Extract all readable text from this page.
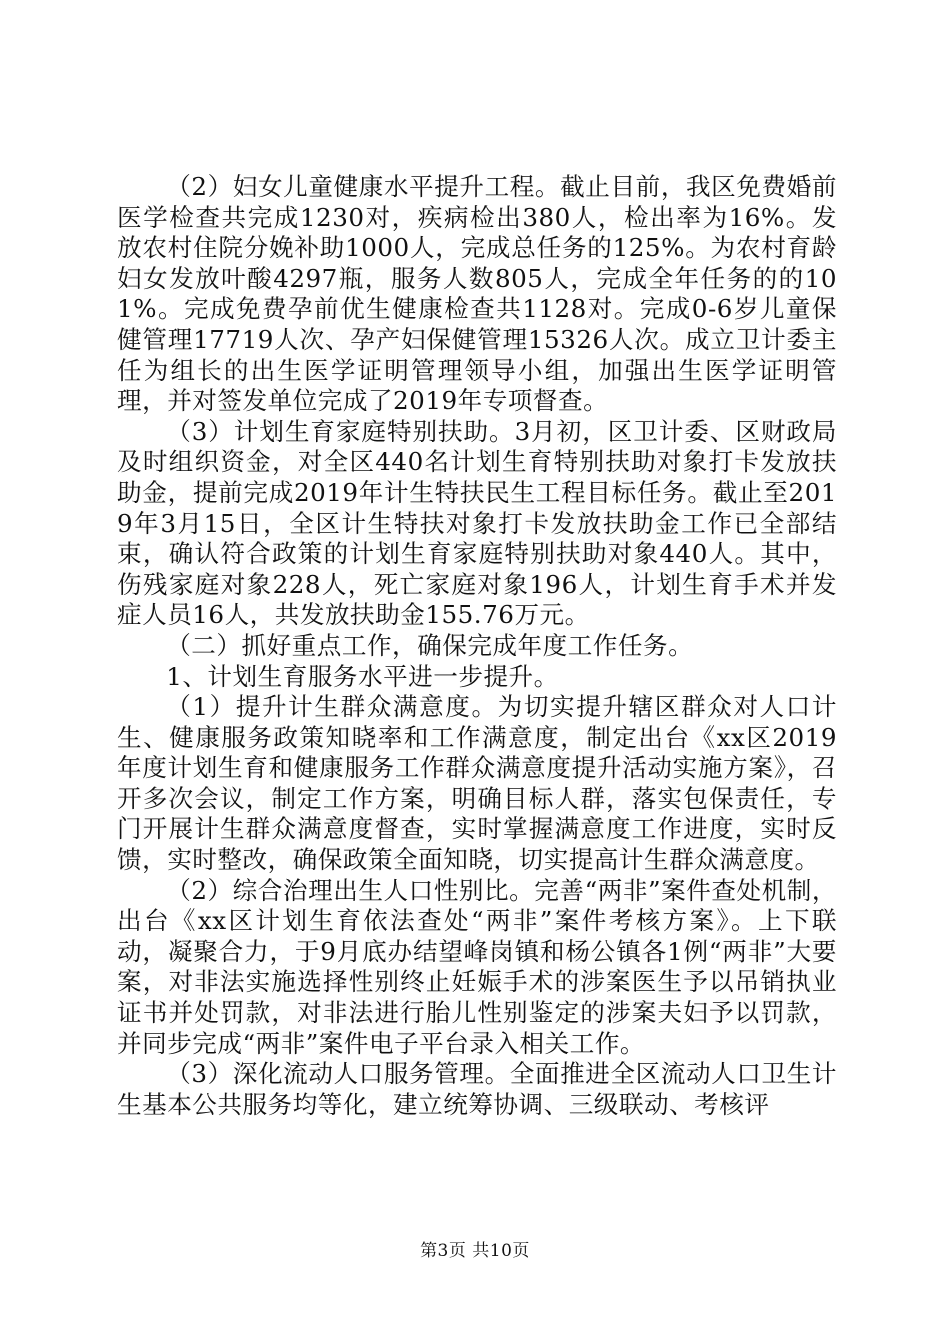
（2）妇女儿童健康水平提升工程。截止目前，我区免费婚前医学检查共完成1230对，疾病检出380人，检出率为16%。发放农村住院分娩补助1000人，完成总任务的125%。为农村育龄妇女发放叶酸4297瓶，服务人数805人，完成全年任务的的101%。完成免费孕前优生健康检查共1128对。完成0-6岁儿童保健管理17719人次、孕产妇保健管理15326人次。成立卫计委主任为组长的出生医学证明管理领导小组，加强出生医学证明管理，并对签发单位完成了2019年专项督查。

（3）计划生育家庭特别扶助。3月初，区卫计委、区财政局及时组织资金，对全区440名计划生育特别扶助对象打卡发放扶助金，提前完成2019年计生特扶民生工程目标任务。截止至2019年3月15日，全区计生特扶对象打卡发放扶助金工作已全部结束，确认符合政策的计划生育家庭特别扶助对象440人。其中，伤残家庭对象228人，死亡家庭对象196人，计划生育手术并发症人员16人，共发放扶助金155.76万元。

（二）抓好重点工作，确保完成年度工作任务。

1、计划生育服务水平进一步提升。

（1）提升计生群众满意度。为切实提升辖区群众对人口计生、健康服务政策知晓率和工作满意度，制定出台《xx区2019年度计划生育和健康服务工作群众满意度提升活动实施方案》，召开多次会议，制定工作方案，明确目标人群，落实包保责任，专门开展计生群众满意度督查，实时掌握满意度工作进度，实时反馈，实时整改，确保政策全面知晓，切实提高计生群众满意度。

（2）综合治理出生人口性别比。完善“两非”案件查处机制，出台《xx区计划生育依法查处“两非”案件考核方案》。上下联动，凝聚合力，于9月底办结望峰岗镇和杨公镇各1例“两非”大要案，对非法实施选择性别终止妊娠手术的涉案医生予以吊销执业证书并处罚款，对非法进行胎儿性别鉴定的涉案夫妇予以罚款，并同步完成“两非”案件电子平台录入相关工作。

（3）深化流动人口服务管理。全面推进全区流动人口卫生计生基本公共服务均等化，建立统筹协调、三级联动、考核评

第3页 共10页
